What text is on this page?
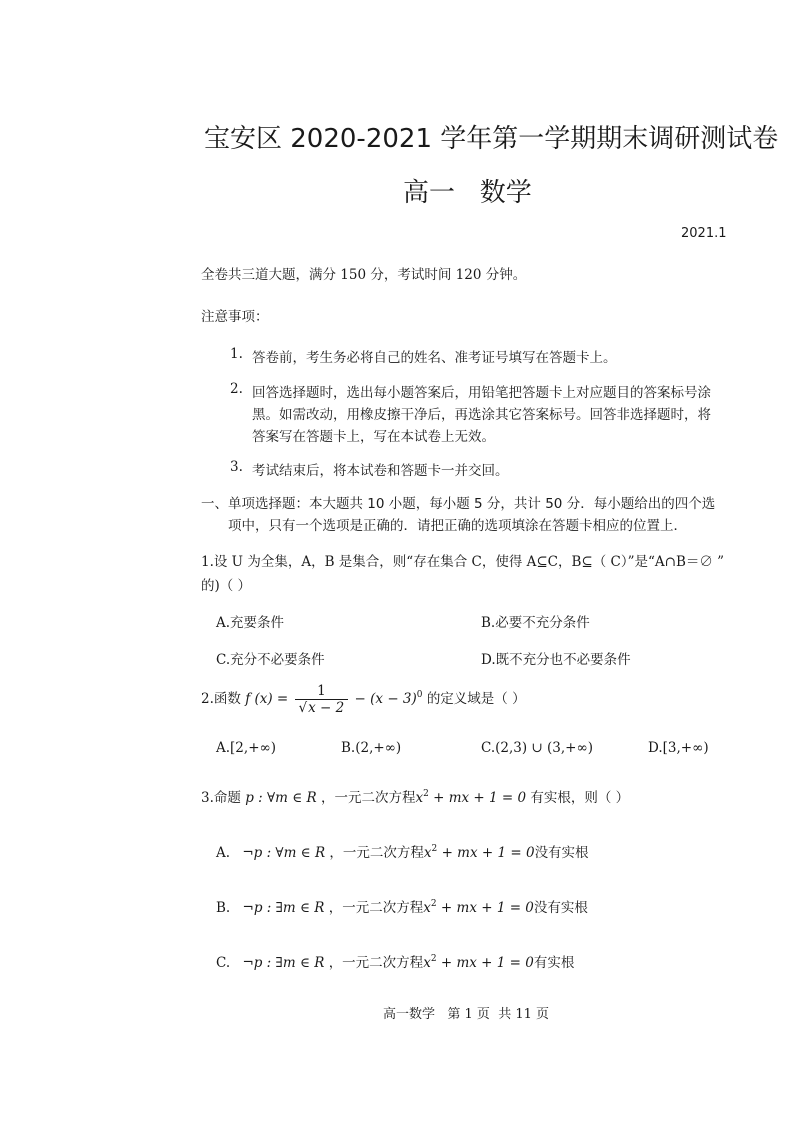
宝安区 2020-2021 学年第一学期期末调研测试卷
高一   数学
2021.1
全卷共三道大题，满分 150 分，考试时间 120 分钟。
注意事项：
1. 答卷前，考生务必将自己的姓名、准考证号填写在答题卡上。
2. 回答选择题时，选出每小题答案后，用铅笔把答题卡上对应题目的答案标号涂
黑。如需改动，用橡皮擦干净后，再选涂其它答案标号。回答非选择题时，将
答案写在答题卡上，写在本试卷上无效。
3. 考试结束后，将本试卷和答题卡一并交回。
一、单项选择题：本大题共 10 小题，每小题 5 分，共计 50 分．每小题给出的四个选
项中，只有一个选项是正确的．请把正确的选项填涂在答题卡相应的位置上．
1.设 U 为全集，A，B 是集合，则“存在集合 C，使得 A⊆C，B⊆（ C）”是“A∩B＝∅ ”
的)（ ）
A.充要条件	B.必要不充分条件
C.充分不必要条件	D.既不充分也不必要条件
2.函数 f $(x) = \frac{1}{√x - 2} - (x - 3)^0$ 的定义域是（ ）
A.[2,+∞)	B.(2,+∞)	C.(2,3) ∪ (3,+∞)	D.[3,+∞)
3.命题 p : ∀m ∈ R ，一元二次方程$x^2$ + mx + 1 = 0 有实根，则（ ）
A. ¬p : ∀m ∈ R ，一元二次方程$x^2$ + mx + 1 = 0没有实根
B. ¬p : ∃m ∈ R ，一元二次方程$x^2$ + mx + 1 = 0没有实根
C. ¬p : ∃m ∈ R ，一元二次方程$x^2$ + mx + 1 = 0有实根
高一数学   第 1 页  共 11 页
